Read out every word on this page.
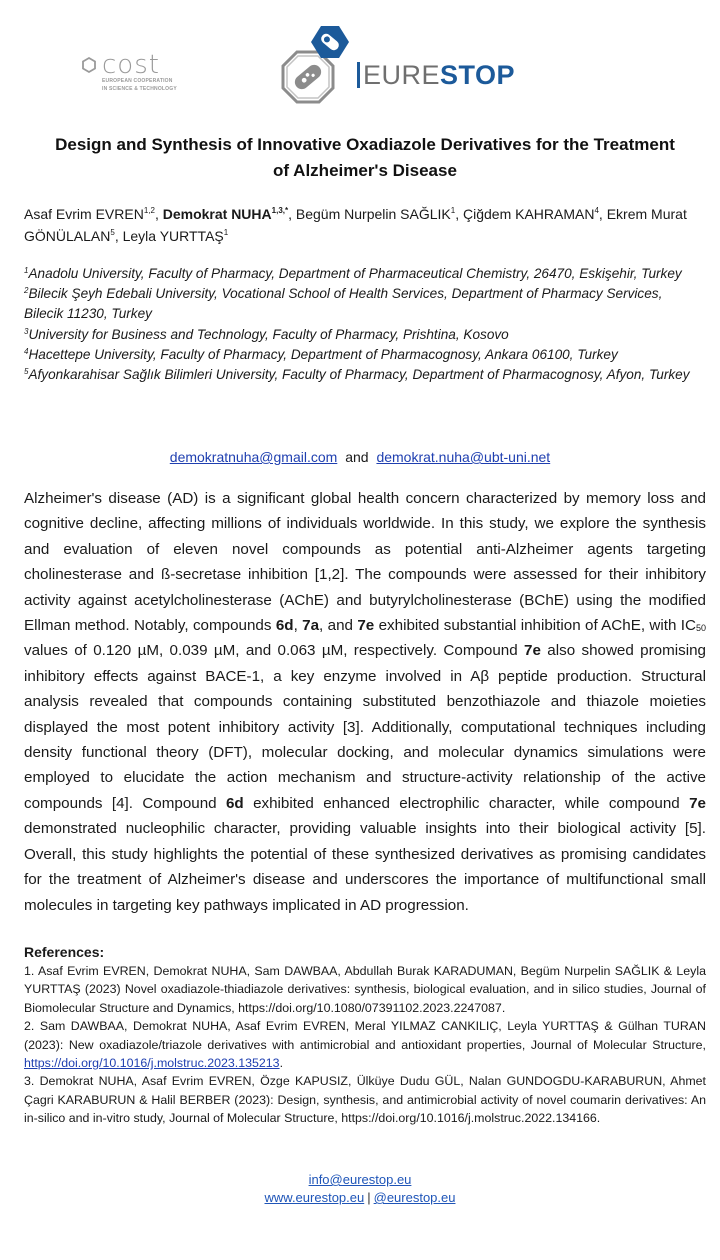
cost
EUROPEAN COOPERATION
IN SCIENCE & TECHNOLOGY	EURESTOP
Design and Synthesis of Innovative Oxadiazole Derivatives for the Treatment
of Alzheimer's Disease
Asaf Evrim EVREN$^{1,2}$, Demokrat $NUHA^{1,3,*}$, Begüm Nurpelin SAĞLIK$^1$, Çiğdem KAHRAMAN$^4$, Ekrem Murat GÖNÜLALAN$^5$, Leyla YURTTAŞ$^1$

$^1$Anadolu University, Faculty of Pharmacy, Department of Pharmaceutical Chemistry, 26470, Eskişehir, Turkey

$^2$Bilecik Şeyh Edebali University, Vocational School of Health Services, Department of Pharmacy Services, Bilecik 11230, Turkey

$^3$University for Business and Technology, Faculty of Pharmacy, Prishtina, Kosovo

$^4$Hacettepe University, Faculty of Pharmacy, Department of Pharmacognosy, Ankara 06100, Turkey

$^5$Afyonkarahisar Sağlık Bilimleri University, Faculty of Pharmacy, Department of Pharmacognosy, Afyon, Turkey

demokratnuha@gmail.com and demokrat.nuha@ubt-uni.net

Alzheimer's disease (AD) is a significant global health concern characterized by memory loss and cognitive decline, affecting millions of individuals worldwide. In this study, we explore the synthesis and evaluation of eleven novel compounds as potential anti-Alzheimer agents targeting cholinesterase and ß-secretase inhibition [1,2]. The compounds were assessed for their inhibitory activity against acetylcholinesterase (AChE) and butyrylcholinesterase (BChE) using the modified Ellman method. Notably, compounds 6d, 7a, and 7e exhibited substantial inhibition of AChE, with $IC_{50}$ values of 0.120 µM, 0.039 µM, and 0.063 µM, respectively. Compound 7e also showed promising inhibitory effects against BACE-1, a key enzyme involved in Aβ peptide production. Structural analysis revealed that compounds containing substituted benzothiazole and thiazole moieties displayed the most potent inhibitory activity [3]. Additionally, computational techniques including density functional theory (DFT), molecular docking, and molecular dynamics simulations were employed to elucidate the action mechanism and structure-activity relationship of the active compounds [4]. Compound 6d exhibited enhanced electrophilic character, while compound 7e demonstrated nucleophilic character, providing valuable insights into their biological activity [5]. Overall, this study highlights the potential of these synthesized derivatives as promising candidates for the treatment of Alzheimer's disease and underscores the importance of multifunctional small molecules in targeting key pathways implicated in AD progression.

References:

1. Asaf Evrim EVREN, Demokrat NUHA, Sam DAWBAA, Abdullah Burak KARADUMAN, Begüm Nurpelin SAĞLIK & Leyla YURTTAŞ (2023) Novel oxadiazole-thiadiazole derivatives: synthesis, biological evaluation, and in silico studies, Journal of Biomolecular Structure and Dynamics, https://doi.org/10.1080/07391102.2023.2247087.

2. Sam DAWBAA, Demokrat NUHA, Asaf Evrim EVREN, Meral YILMAZ CANKILIÇ, Leyla YURTTAŞ & Gülhan TURAN (2023): New oxadiazole/triazole derivatives with antimicrobial and antioxidant properties, Journal of Molecular Structure, https://doi.org/10.1016/j.molstruc.2023.135213.

3. Demokrat NUHA, Asaf Evrim EVREN, Özge KAPUSIZ, Ülküye Dudu GÜL, Nalan GUNDOGDU-KARABURUN, Ahmet Çagri KARABURUN & Halil BERBER (2023): Design, synthesis, and antimicrobial activity of novel coumarin derivatives: An in-silico and in-vitro study, Journal of Molecular Structure, https://doi.org/10.1016/j.molstruc.2022.134166.

info@eurestop.eu
www.eurestop.eu | @eurestop.eu
